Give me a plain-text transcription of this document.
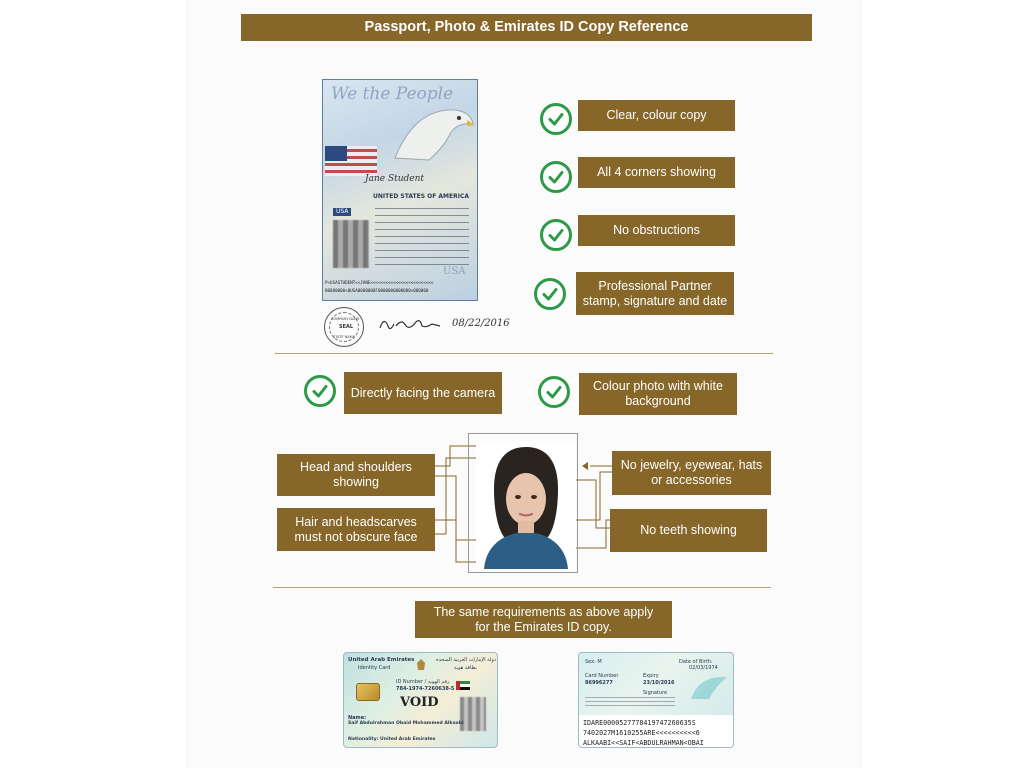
Passport, Photo & Emirates ID Copy Reference
We the People
Jane Student
UNITED STATES OF AMERICA
USA
USA
P<USASTUDENT<<JANE<<<<<<<<<<<<<<<<<<<<<<<<<
00000000<0USA0000000F0000000000000<000000
COMPANY NAME
SEAL
STATE NAME
08/22/2016
Clear, colour copy
All 4 corners showing
No obstructions
Professional Partner stamp, signature and date
Directly facing the camera	Colour photo with white background
Head and shoulders showing
Hair and headscarves must not obscure face
No jewelry, eyewear, hats or accessories
No teeth showing
The same requirements as above apply for the Emirates ID copy.
United Arab Emirates	دولة الإمارات العربية المتحدة
Identity Card	بطاقة هوية
ID Number / رقم الهوية
784-1974-7260638-5
VOID
Name:
Saif Abdulrahman Obaid Mohammed Alkaabi
Nationality: United Arab Emirates
Sex: M	Date of Birth:
02/03/1974
Card Number
86996277
Expiry
23/10/2016
Signature
IDARE0000527778419747260635S
7402027M1610255ARE<<<<<<<<<<6
ALKAABI<<SAIF<ABDULRAHMAN<OBAI
